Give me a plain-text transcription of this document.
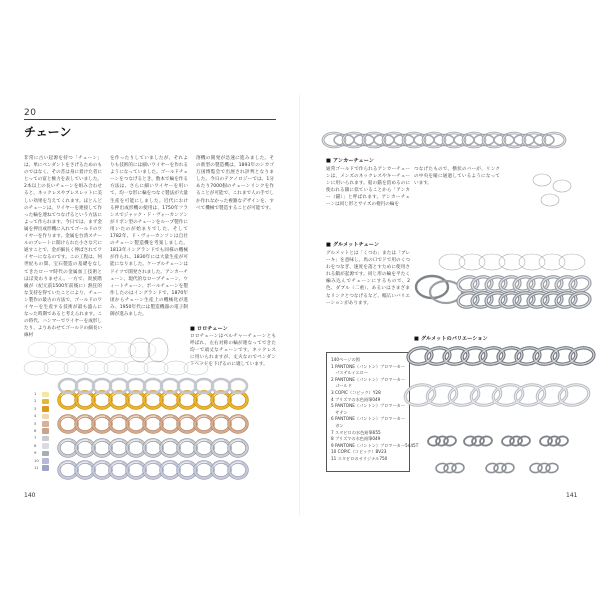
20
チェーン

非常に古い起源を持つ「チェーン」は、単にペンダントをさげるためのものではなく、その昔は身に着けた者にとっての富と権力を表していました。2本以上の長いチェーンを組み合わせると、ネックレスやブレスレットに美しい効果を与えてくれます。ほとんどのチェーンは、ワイヤーを連接して作った輪を連ねてつなげるという方法によって作られます。今日では、まず金属を押出成形機に入れてゴールドのワイヤーを作ります。金属を台湾スチールのプレートに開けられた小さな穴に通すことで、金が細長く伸ばされてワイヤーになるのです。この工程は、何世紀もの間、宝石製造の基礎をなしてきたローマ時代の金属加工技術とほぼ変わりません。一方で、貴族階級が（紀元前1500年前後に）熱狂的な支持を得ていたことにより、チェーン製作の最古の方法で、ゴールドのワイヤーを生産する技術が最も盛んになった時期であると考えられます。この時代、ハンマーでワイヤーを成形したり、よりあわせてゴールドの細長い線材

を作ったりしていましたが、それよりも技術的には細いワイヤーを作れるようになっていました。ゴールドチェーンをつなげるとき、数本で輪を作る方法は、さらに細いワイヤーを用いて、均一な形に輪をつなぐ製法が大量生産を可能にしました。近代における押出成形機の使用は、1750年フランスでジャック・ド・ヴォーカンソンがリボン型のチェーンをループ製作に用いたのが始まりでした。そして1782年、ド・ヴォーカンソンは自社のチェーン製造機を考案しました。1813年イングランドでも同様の機械が作られ、1830年には大量生産が可能になりました。ケーブルチェーンはドイツで開発されました。アンカーチェーン、現代的なロープチェーン、ウィートチェーン、ボールチェーンを製作したのはイングランドで、1870年頃からチェーン生産上の機械化が進み、1950年代には製造機器の電子制御が進みました。

溶機の開発が急速に進みました。その新型の製造機は、1893年のシカゴ万国博覧会で出展され評判となりました。今日のテクノロジーでは、1分あたり7000個のチェーンリンクを作ることが可能で、これまで人の手でしか作れなかった複雑なデザインを、すべて機械で製造することが可能です。

■ ロロチェーン

ロロチェーンはベルチャーチェーンとも呼ばれ、左右対称の輪が連なってできた均一で頑丈なチェーンです。ネックレスに用いられますが、丈夫なのでペンダントヘッドを下げるのに適しています。

1
2
3
4
5
6
7
8
9
10
11
140
■ アンカーチェーン

通常ゴールドで作られるアンカーチェーンは、メンズのネックレスやキーチェーンに用いられます。船の錨を留めるのに使われる鎖に似ていることから「アンカー（錨）」と呼ばれます。アンカーチェーンは同じ形とサイズの楕円の輪を

つなげたもので、横状のバーが、リンクの中央を縦に通過しているようになっています。

■ グルメットチェーン

グルメットとは「くつわ」または「ブレーキ」を意味し、馬の口でドで用のくつわをつなぎ、速度を落とすために使用される鎖が起源です。同じ形の輪を平たく編み込んでチェーンにするもので、2色、ダブル（二重）、あるいはさまざまなリンクとつなげるなど、幅広いバリエーションがあります。

■ グルメットのバリエーション
140ページの図
1 PANTONE（パントン）プロマーカー
　パステルイエロー
2 PANTONE（パントン）プロマーカー
　ゴールド
3 COPIC（コピック）Y28
4 プリズマの水色鉛筆049
5 PANTONE（パントン）プロマーカー
　サテン
6 PANTONE（パントン）プロマーカー
　ガン
7 スタビロの水色鉛筆655
8 プリズマの水色鉛筆049
9 PANTONE（パントン）プロマーカー5445T
10 COPIC（コピック）BV23
11 スタビロのオリジナル750
141
